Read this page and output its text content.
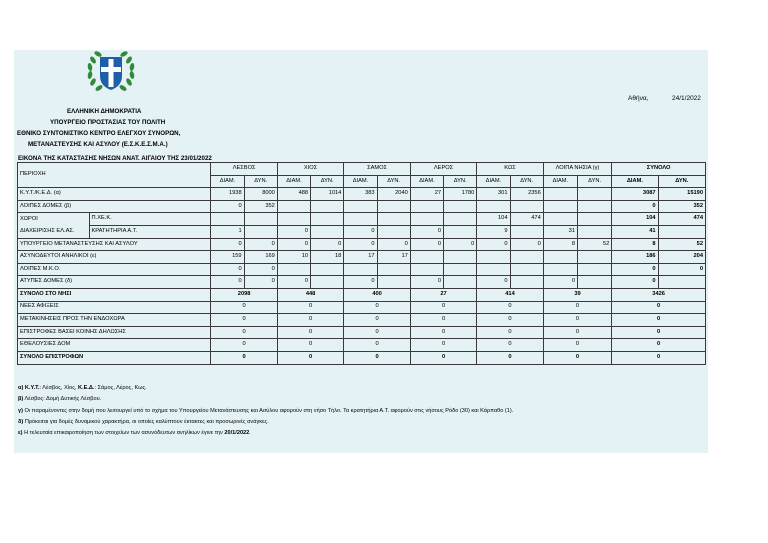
ΕΛΛΗΝΙΚΗ ΔΗΜΟΚΡΑΤΙΑ
ΥΠΟΥΡΓΕΙΟ ΠΡΟΣΤΑΣΙΑΣ ΤΟΥ ΠΟΛΙΤΗ
ΕΘΝΙΚΟ ΣΥΝΤΟΝΙΣΤΙΚΟ ΚΕΝΤΡΟ ΕΛΕΓΧΟΥ ΣΥΝΟΡΩΝ,
ΜΕΤΑΝΑΣΤΕΥΣΗΣ ΚΑΙ ΑΣΥΛΟΥ (Ε.Σ.Κ.Ε.Σ.Μ.Α.)
Αθήνα,	24/1/2022
ΕΙΚΟΝΑ ΤΗΣ ΚΑΤΑΣΤΑΣΗΣ ΝΗΣΩΝ ΑΝΑΤ. ΑΙΓΑΙΟΥ ΤΗΣ 23/01/2022
ΠΕΡΙΟΧΗ		ΛΕΣΒΟΣ		ΧΙΟΣ		ΣΑΜΟΣ		ΛΕΡΟΣ		ΚΩΣ		ΛΟΙΠΑ ΝΗΣΙΑ (γ)		ΣΥΝΟΛΟ	
		ΔΙΑΜ.	ΔΥΝ.	ΔΙΑΜ.	ΔΥΝ.	ΔΙΑΜ.	ΔΥΝ.	ΔΙΑΜ.	ΔΥΝ.	ΔΙΑΜ.	ΔΥΝ.	ΔΙΑΜ.	ΔΥΝ.	ΔΙΑΜ.	ΔΥΝ.
Κ.Υ.Τ./Κ.Ε.Δ. (α)		1938	8000	488	1014	383	2040	27	1780	301	2356			3087	15190
ΛΟΙΠΕΣ ΔΟΜΕΣ (β)		0	352											0	352
ΧΩΡΟΙ	Π.ΧΕ.Κ.									104	474			104	474
ΔΙΑΧΕΙΡΙΣΗΣ ΕΛ.ΑΣ.	ΚΡΑΤΗΤΗΡΙΑ Α.Τ.	1		0		0		0		9		31		41	
ΥΠΟΥΡΓΕΙΟ ΜΕΤΑΝΑΣΤΕΥΣΗΣ ΚΑΙ ΑΣΥΛΟΥ		0	0	0	0	0	0	0	0	0	0	8	52	8	52
ΑΣΥΝΟΔΕΥΤΟΙ ΑΝΗΛΙΚΟΙ (ε)		159	169	10	18	17	17							186	204
ΛΟΙΠΕΣ Μ.Κ.Ο.		0	0											0	0
ΑΤΥΠΕΣ ΔΟΜΕΣ (δ)		0	0	0		0		0		0		0		0	
ΣΥΝΟΛΟ ΣΤΟ ΝΗΣΙ		2098		448		400		27		414		39		3426	
ΝΕΕΣ ΑΦΙΞΕΙΣ		0		0		0		0		0		0		0	
ΜΕΤΑΚΙΝΗΣΕΙΣ ΠΡΟΣ ΤΗΝ ΕΝΔΟΧΩΡΑ		0		0		0		0		0		0		0	
ΕΠΙΣΤΡΟΦΕΣ ΒΑΣΕΙ ΚΟΙΝΗΣ ΔΗΛΩΣΗΣ		0		0		0		0		0		0		0	
ΕΘΕΛΟΥΣΙΕΣ ΔΟΜ		0		0		0		0		0		0		0	
ΣΥΝΟΛΟ ΕΠΙΣΤΡΟΦΩΝ		0		0		0		0		0		0		0	
α) Κ.Υ.Τ.: Λέσβος, Χίος, Κ.Ε.Δ.: Σάμος, Λέρος, Κως.
β) Λέσβος: Δομή Δυτικής Λέσβου.
γ) Οι παραμένοντες στην δομή που λειτουργεί υπό το σχήμα του Υπουργείου Μετανάστευσης και Ασύλου αφορούν στη νήσο Τήλο. Τα κρατητήρια Α.Τ. αφορούν στις νήσους Ρόδο (30) και Κάρπαθο (1).
δ) Πρόκειται για δομές δυναμικού χαρακτήρα, οι οποίες καλύπτουν έκτακτες και προσωρινές ανάγκες.
ε) Η τελευταία επικαιροποίηση των στοιχείων των ασυνόδευτων ανηλίκων έγινε την 20/1/2022.
